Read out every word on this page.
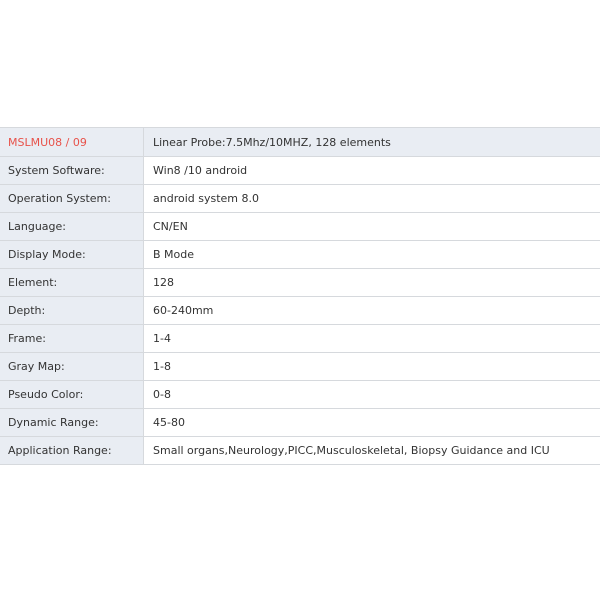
MSLMU08 / 09	Linear Probe:7.5Mhz/10MHZ, 128 elements
System Software:	Win8 /10 android
Operation System:	android system 8.0
Language:	CN/EN
Display Mode:	B Mode
Element:	128
Depth:	60-240mm
Frame:	1-4
Gray Map:	1-8
Pseudo Color:	0-8
Dynamic Range:	45-80
Application Range:	Small organs,Neurology,PICC,Musculoskeletal, Biopsy Guidance and ICU
